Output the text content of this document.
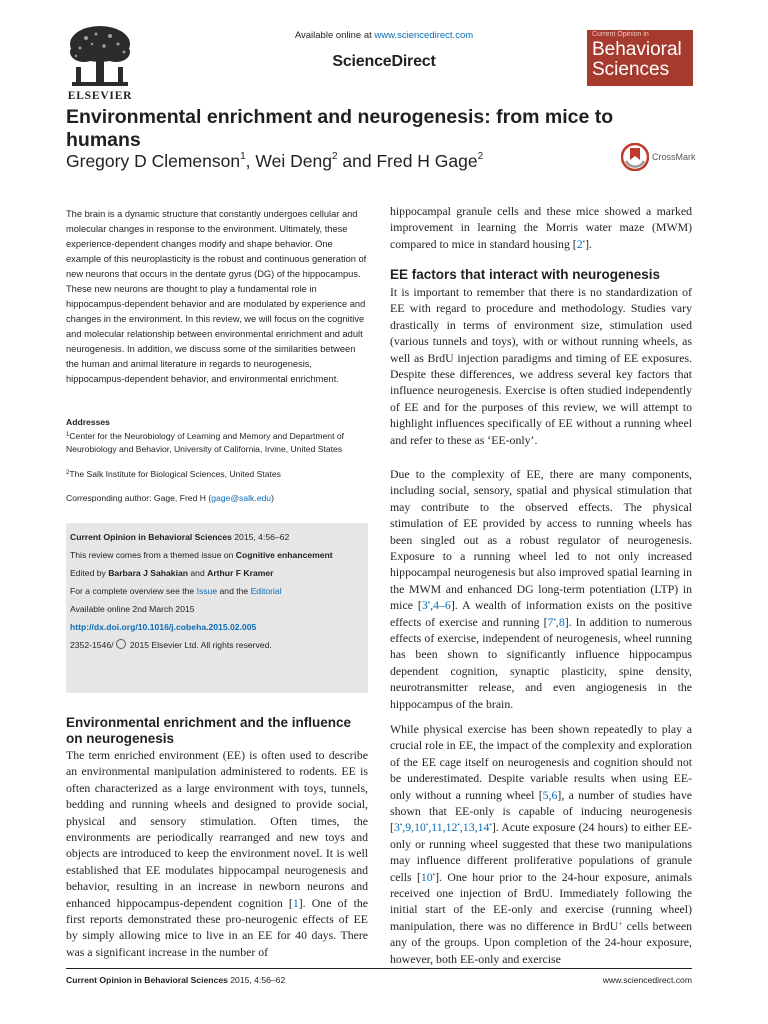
ELSEVIER
Available online at www.sciencedirect.com
ScienceDirect
Current Opinion in
Behavioral
Sciences
Environmental enrichment and neurogenesis: from mice to humans
Gregory D Clemenson$^1$, Wei Deng$^2$ and Fred H Gage$^2$	CrossMark
The brain is a dynamic structure that constantly undergoes cellular and molecular changes in response to the environment. Ultimately, these experience-dependent changes modify and shape behavior. One example of this neuroplasticity is the robust and continuous generation of new neurons that occurs in the dentate gyrus (DG) of the hippocampus. These new neurons are thought to play a fundamental role in hippocampus-dependent behavior and are modulated by experience and changes in the environment. In this review, we will focus on the cognitive and molecular relationship between environmental enrichment and adult neurogenesis. In addition, we discuss some of the similarities between the human and animal literature in regards to neurogenesis, hippocampus-dependent behavior, and environmental enrichment.
Addresses
$^1$Center for the Neurobiology of Learning and Memory and Department of Neurobiology and Behavior, University of California, Irvine, United States
$^2$The Salk Institute for Biological Sciences, United States
Corresponding author: Gage, Fred H (gage@salk.edu)
Current Opinion in Behavioral Sciences 2015, 4:56–62
This review comes from a themed issue on Cognitive enhancement
Edited by Barbara J Sahakian and Arthur F Kramer
For a complete overview see the Issue and the Editorial
Available online 2nd March 2015
http://dx.doi.org/10.1016/j.cobeha.2015.02.005
2352-1546/ 2015 Elsevier Ltd. All rights reserved.
Environmental enrichment and the influence on neurogenesis
The term enriched environment (EE) is often used to describe an environmental manipulation administered to rodents. EE is often characterized as a large environment with toys, tunnels, bedding and running wheels and designed to provide social, physical and sensory stimulation. Often times, the environments are periodically rearranged and new toys and objects are introduced to keep the environment novel. It is well established that EE modulates hippocampal neurogenesis and behavior, resulting in an increase in newborn neurons and enhanced hippocampus-dependent cognition [1]. One of the first reports demonstrated these pro-neurogenic effects of EE by simply allowing mice to live in an EE for 40 days. There was a significant increase in the number of
hippocampal granule cells and these mice showed a marked improvement in learning the Morris water maze (MWM) compared to mice in standard housing [2•].
EE factors that interact with neurogenesis
It is important to remember that there is no standardization of EE with regard to procedure and methodology. Studies vary drastically in terms of environment size, stimulation used (various tunnels and toys), with or without running wheels, as well as BrdU injection paradigms and timing of EE exposures. Despite these differences, we address several key factors that influence neurogenesis. Exercise is often studied independently of EE and for the purposes of this review, we will attempt to highlight influences specifically of EE without a running wheel and refer to these as ‘EE-only’.
Due to the complexity of EE, there are many components, including social, sensory, spatial and physical stimulation that may contribute to the observed effects. The physical stimulation of EE provided by access to running wheels has been singled out as a robust regulator of neurogenesis. Exposure to a running wheel led to not only increased hippocampal neurogenesis but also improved spatial learning in the MWM and enhanced DG long-term potentiation (LTP) in mice [3•,4–6]. A wealth of information exists on the positive effects of exercise and running [7•,8]. In addition to numerous effects of exercise, independent of neurogenesis, wheel running has been shown to significantly influence hippocampus dependent cognition, synaptic plasticity, spine density, neurotransmitter release, and even angiogenesis in the hippocampus of the brain.
While physical exercise has been shown repeatedly to play a crucial role in EE, the impact of the complexity and exploration of the EE cage itself on neurogenesis and cognition should not be underestimated. Despite variable results when using EE-only without a running wheel [5,6], a number of studies have shown that EE-only is capable of inducing neurogenesis [3•,9,10•,11,12•,13,14•]. Acute exposure (24 hours) to either EE-only or running wheel suggested that these two manipulations may influence different proliferative populations of granule cells [10•]. One hour prior to the 24-hour exposure, animals received one injection of BrdU. Immediately following the initial start of the EE-only and exercise (running wheel) manipulation, there was no difference in BrdU+ cells between any of the groups. Upon completion of the 24-hour exposure, however, both EE-only and exercise
Current Opinion in Behavioral Sciences 2015, 4:56–62	www.sciencedirect.com
